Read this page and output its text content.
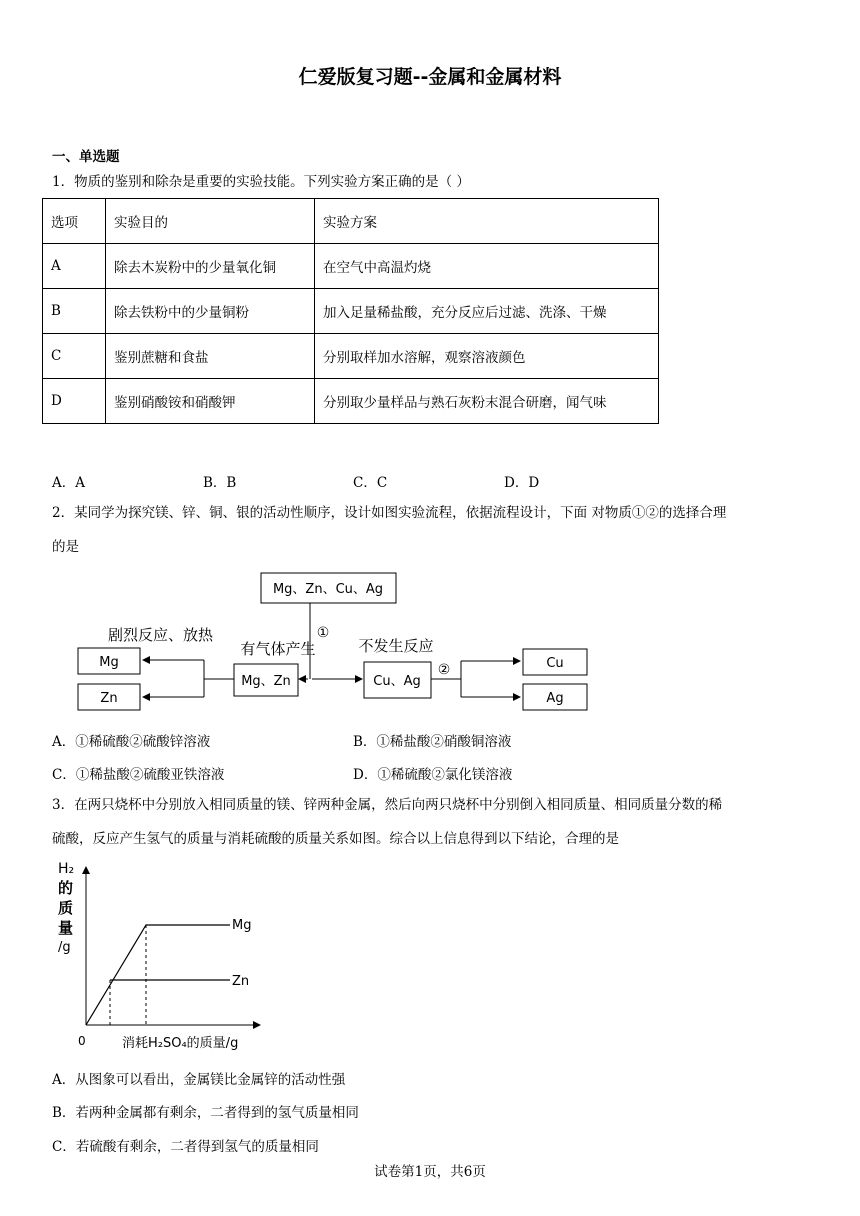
仁爱版复习题--金属和金属材料
一、单选题
1．物质的鉴别和除杂是重要的实验技能。下列实验方案正确的是（ ）
选项	实验目的	实验方案
A	除去木炭粉中的少量氧化铜	在空气中高温灼烧
B	除去铁粉中的少量铜粉	加入足量稀盐酸，充分反应后过滤、洗涤、干燥
C	鉴别蔗糖和食盐	分别取样加水溶解，观察溶液颜色
D	鉴别硝酸铵和硝酸钾	分别取少量样品与熟石灰粉末混合研磨，闻气味
A．A	B．B	C．C	D．D
2．某同学为探究镁、锌、铜、银的活动性顺序，设计如图实验流程，依据流程设计，下面 对物质①②的选择合理
的是
Mg、Zn、Cu、Ag
①
Mg、Zn
有气体产生
Cu、Ag
不发生反应
②
剧烈反应、放热
Mg
Zn
Cu
Ag
A．①稀硫酸②硫酸锌溶液	B．①稀盐酸②硝酸铜溶液
C．①稀盐酸②硫酸亚铁溶液	D．①稀硫酸②氯化镁溶液
3．在两只烧杯中分别放入相同质量的镁、锌两种金属，然后向两只烧杯中分别倒入相同质量、相同质量分数的稀
硫酸，反应产生氢气的质量与消耗硫酸的质量关系如图。综合以上信息得到以下结论，合理的是
H₂
的
质
量
/g
0	消耗H₂SO₄的质量/g
Mg
Zn
A．从图象可以看出，金属镁比金属锌的活动性强
B．若两种金属都有剩余，二者得到的氢气质量相同
C．若硫酸有剩余，二者得到氢气的质量相同
试卷第1页，共6页
